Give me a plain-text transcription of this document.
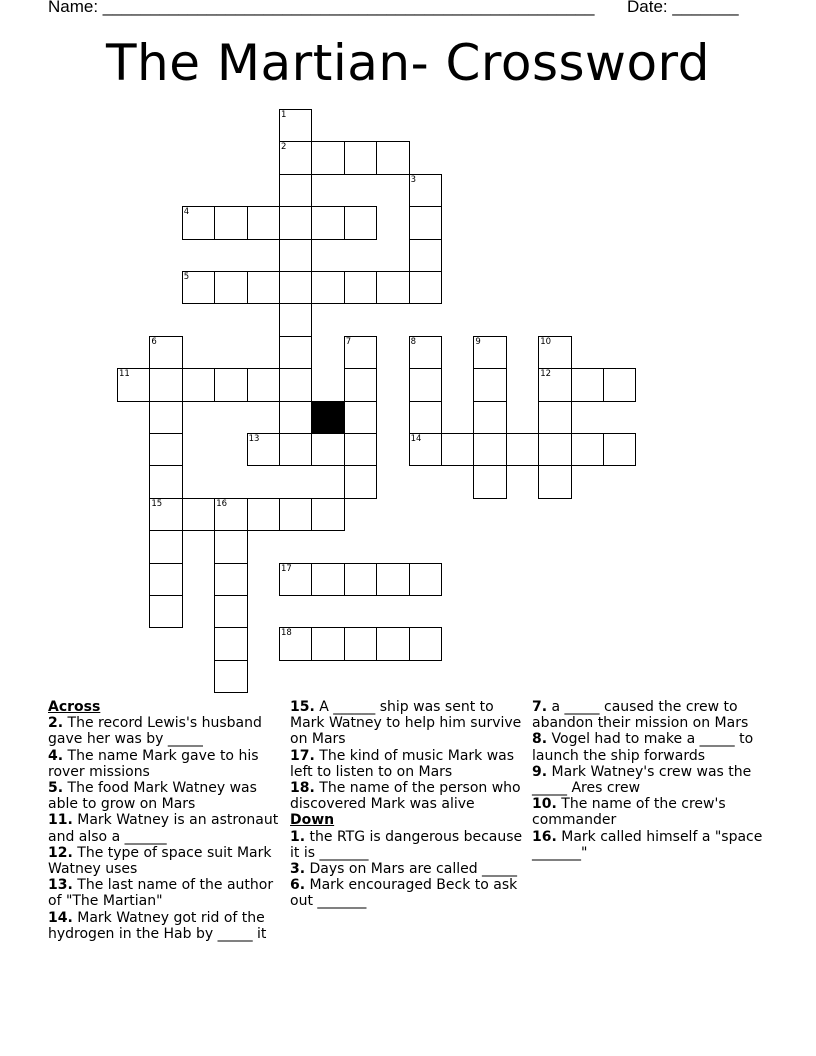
Name: ____________________________________________________ Date: _______
The Martian- Crossword
1
2
3
4
5
6	7	8	9	10
11	12
13	14
15	16
17
18
Across
2. The record Lewis's husband gave her was by _____
4. The name Mark gave to his rover missions
5. The food Mark Watney was able to grow on Mars
11. Mark Watney is an astronaut and also a ______
12. The type of space suit Mark Watney uses
13. The last name of the author of "The Martian"
14. Mark Watney got rid of the hydrogen in the Hab by _____ it
15. A ______ ship was sent to Mark Watney to help him survive on Mars
17. The kind of music Mark was left to listen to on Mars
18. The name of the person who discovered Mark was alive
Down
1. the RTG is dangerous because it is _______
3. Days on Mars are called _____
6. Mark encouraged Beck to ask out _______
7. a _____ caused the crew to abandon their mission on Mars
8. Vogel had to make a _____ to launch the ship forwards
9. Mark Watney's crew was the _____ Ares crew
10. The name of the crew's commander
16. Mark called himself a "space _______"
